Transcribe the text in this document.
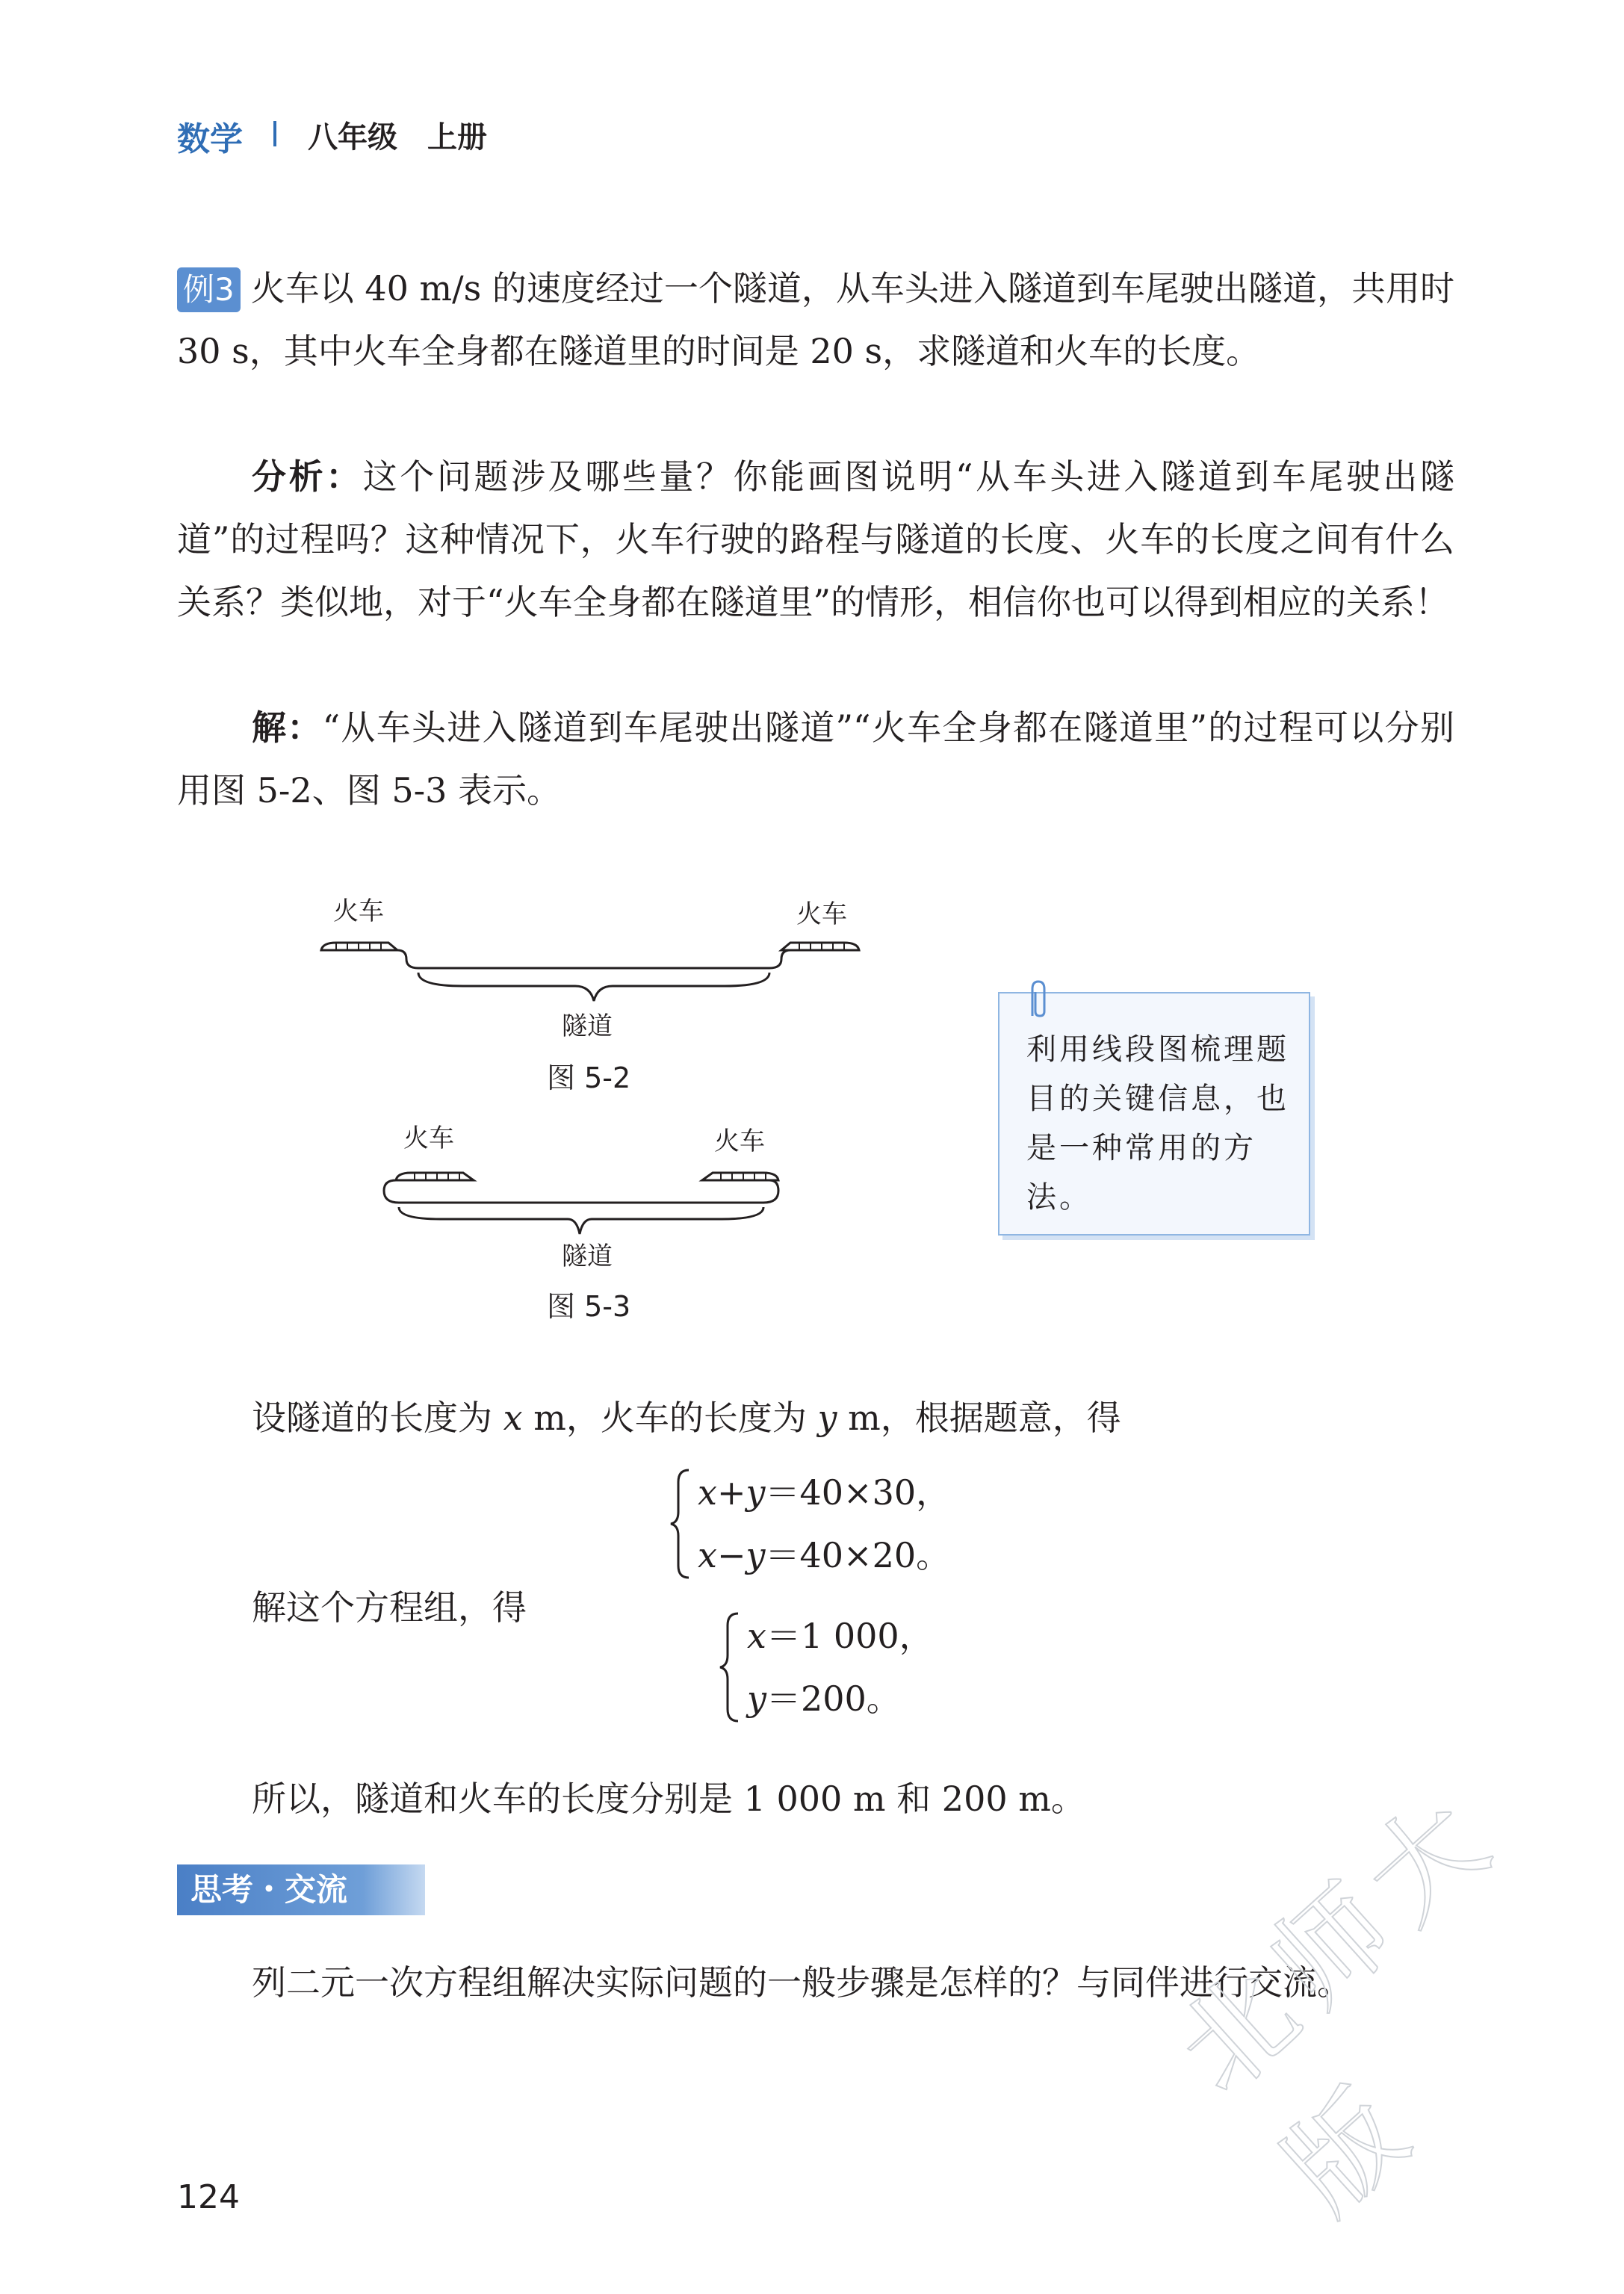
数学 八年级　上册
例3 火车以 40 m/s 的速度经过一个隧道，从车头进入隧道到车尾驶出隧道，共用时 30 s，其中火车全身都在隧道里的时间是 20 s，求隧道和火车的长度。
分析：这个问题涉及哪些量？你能画图说明“从车头进入隧道到车尾驶出隧道”的过程吗？这种情况下，火车行驶的路程与隧道的长度、火车的长度之间有什么关系？类似地，对于“火车全身都在隧道里”的情形，相信你也可以得到相应的关系！
解：“从车头进入隧道到车尾驶出隧道”“火车全身都在隧道里”的过程可以分别用图 5-2、图 5-3 表示。
火车	火车
隧道
图 5-2
火车	火车
隧道
图 5-3
利用线段图梳理题目的关键信息，也是一种常用的方法。
设隧道的长度为 x m，火车的长度为 y m，根据题意，得
x+y＝40×30，
x−y＝40×20。
解这个方程组，得
x＝1 000，
y＝200。
所以，隧道和火车的长度分别是 1 000 m 和 200 m。
思考・交流
列二元一次方程组解决实际问题的一般步骤是怎样的？与同伴进行交流。
124
北师大版
